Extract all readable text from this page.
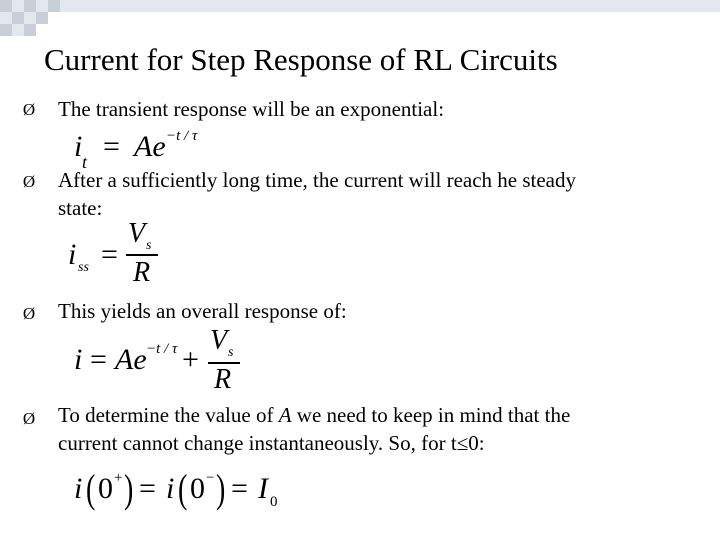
Current for Step Response of RL Circuits
Ø The transient response will be an exponential:
i t = Ae −t / τ
Ø After a sufficiently long time, the current will reach he steady
state:
i ss =
V s
R
Ø This yields an overall response of:
i = Ae −t / τ +
V s
R
Ø To determine the value of A we need to keep in mind that the
current cannot change instantaneously. So, for t≤0:
i ( 0 + ) = i ( 0 − ) = I 0
